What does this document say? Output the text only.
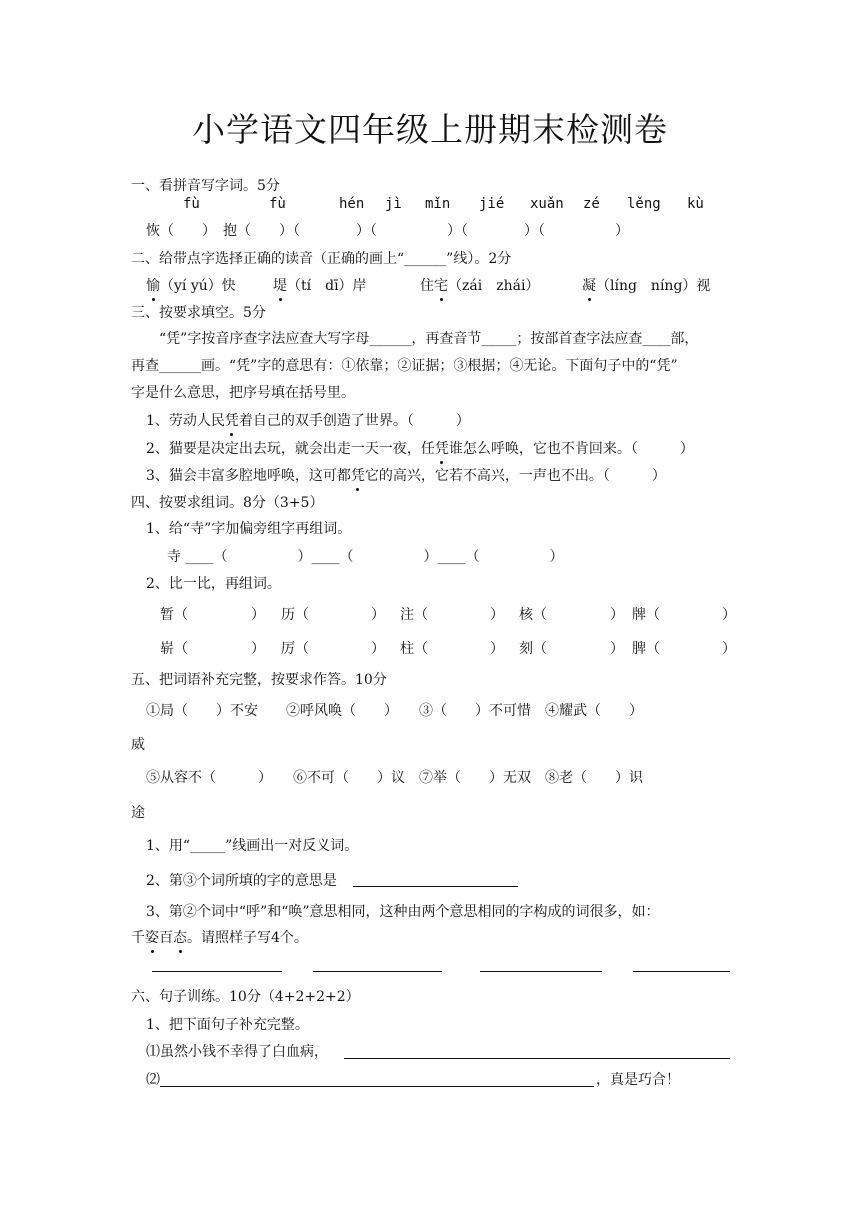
小学语文四年级上册期末检测卷
一、看拼音写字词。5分
fù	fù	hén jì mǐn jié xuǎn zé lěng kù
恢（　　）　抱（　　）（　　　　）（　　　　　）（　　　　）（　　　　　）
二、给带点字选择正确的读音（正确的画上“______”线）。2分
愉（yí yú）快	堤（tí　dī）岸	住宅（zái　zhái）	凝（líng　níng）视
三、按要求填空。5分
“凭”字按音序查字法应查大写字母______，再查音节_____；按部首查字法应查____部，
再查______画。“凭”字的意思有：①依靠；②证据；③根据；④无论。下面句子中的“凭”
字是什么意思，把序号填在括号里。
1、劳动人民凭着自己的双手创造了世界。（　　　）
2、猫要是决定出去玩，就会出走一天一夜，任凭谁怎么呼唤，它也不肯回来。（　　　）
3、猫会丰富多腔地呼唤，这可都凭它的高兴，它若不高兴，一声也不出。（　　　）
四、按要求组词。8分（3+5）
1、给“寺”字加偏旁组字再组词。
寺 ____（　　　　　）____（　　　　　）____（　　　　　）
2、比一比，再组词。
暂（	） 历（	） 注（	） 核（	） 牌（	）
崭（	） 厉（	） 柱（	） 刻（	） 脾（	）
五、把词语补充完整，按要求作答。10分
①局（　　）不安　　②呼风唤（　　）　　③（　　）不可惜　④耀武（　　）
威
⑤从容不（　　　）　　⑥不可（　　）议　⑦举（　　）无双　⑧老（　　）识
途
1、用“_____”线画出一对反义词。
2、第③个词所填的字的意思是
3、第②个词中“呼”和“唤”意思相同，这种由两个意思相同的字构成的词很多，如：
千姿百态。请照样子写4个。
六、句子训练。10分（4+2+2+2）
1、把下面句子补充完整。
⑴虽然小钱不幸得了白血病，
⑵	，真是巧合！
